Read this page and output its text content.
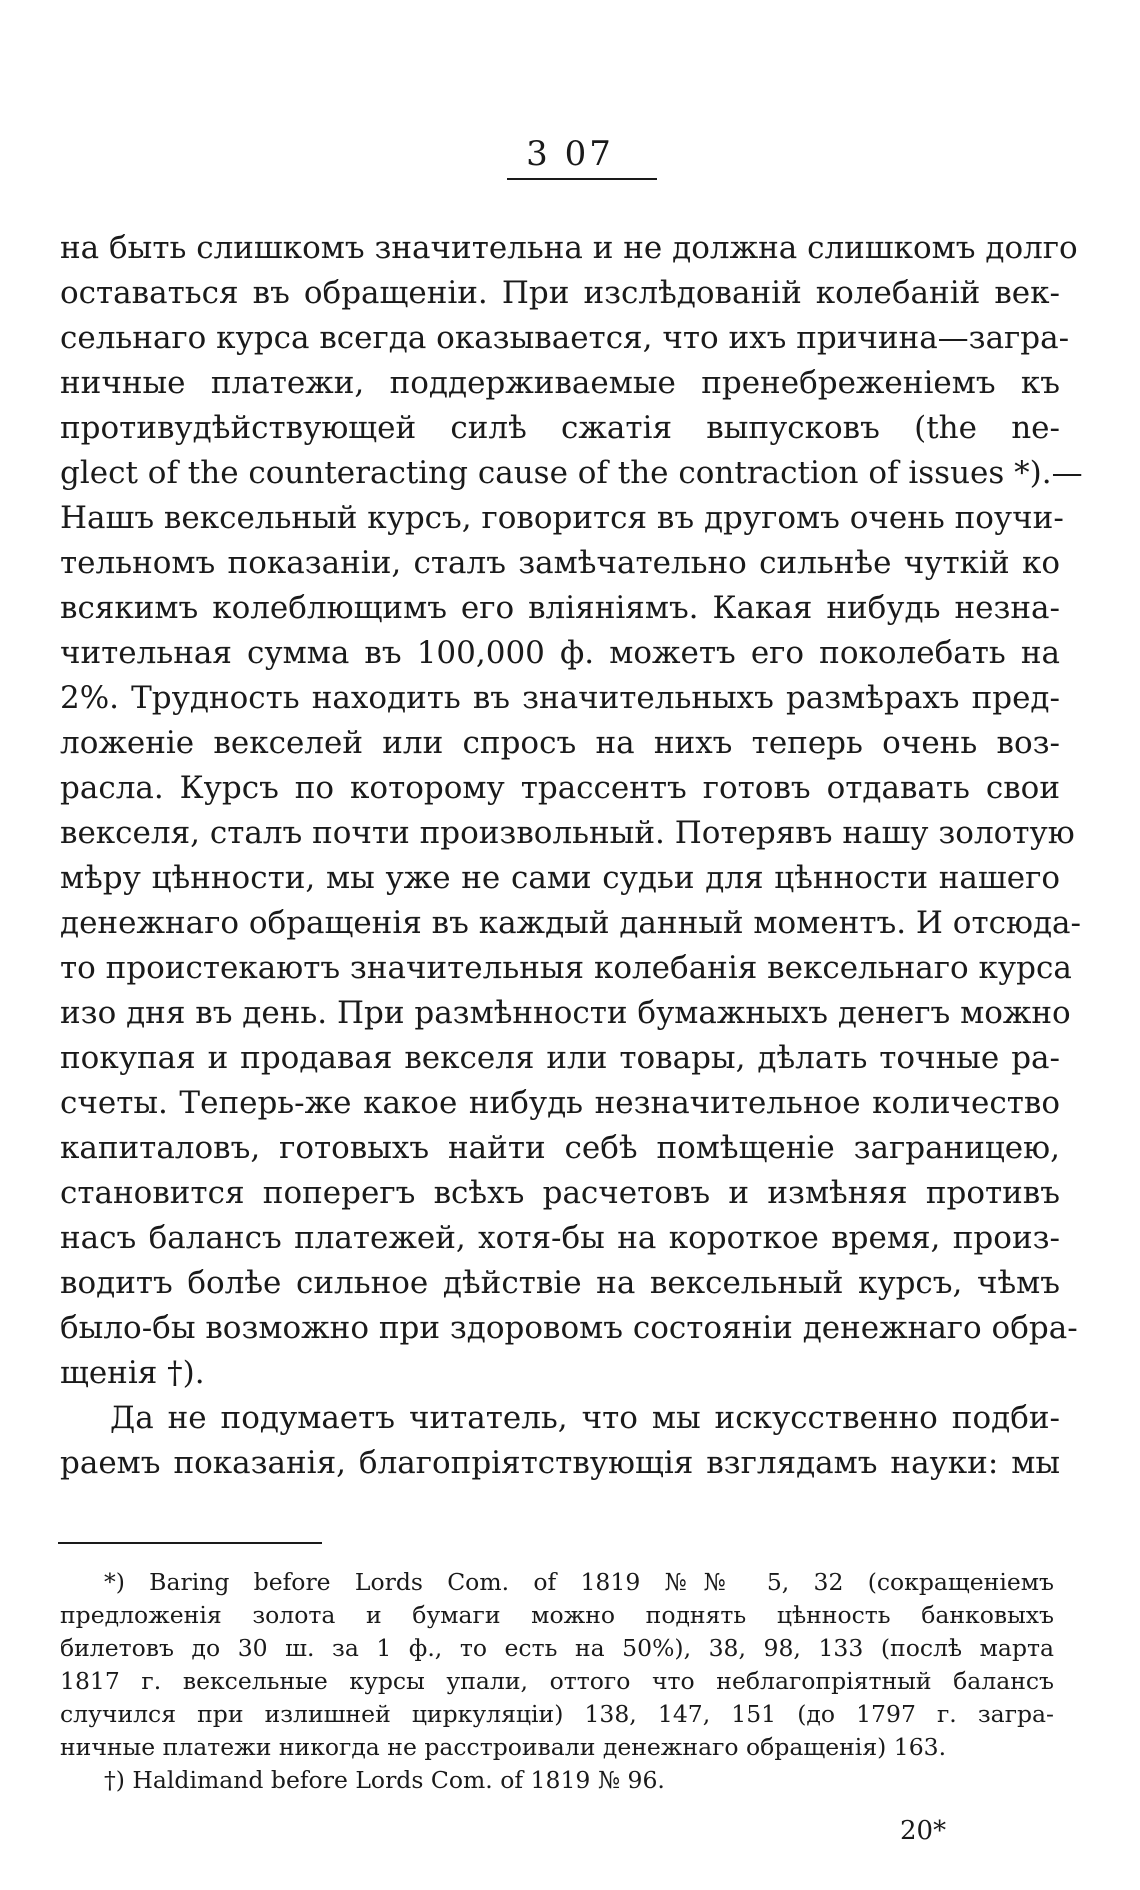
3 07
на быть слишкомъ значительна и не должна слишкомъ долго
оставаться въ обращеніи. При изслѣдованій колебаній век-
сельнаго курса всегда оказывается, что ихъ причина—загра-
ничные платежи, поддерживаемые пренебреженіемъ къ
противудѣйствующей силѣ сжатія выпусковъ (the ne-
glect of the counteracting cause of the contraction of issues *).—
Нашъ вексельный курсъ, говорится въ другомъ очень поучи-
тельномъ показаніи, сталъ замѣчательно сильнѣе чуткій ко
всякимъ колеблющимъ его вліяніямъ. Какая нибудь незна-
чительная сумма въ 100,000 ф. можетъ его поколебать на
2%. Трудность находить въ значительныхъ размѣрахъ пред-
ложеніе векселей или спросъ на нихъ теперь очень воз-
расла. Курсъ по которому трассентъ готовъ отдавать свои
векселя, сталъ почти произвольный. Потерявъ нашу золотую
мѣру цѣнности, мы уже не сами судьи для цѣнности нашего
денежнаго обращенія въ каждый данный моментъ. И отсюда-
то проистекаютъ значительныя колебанія вексельнаго курса
изо дня въ день. При размѣнности бумажныхъ денегъ можно
покупая и продавая векселя или товары, дѣлать точные ра-
счеты. Теперь-же какое нибудь незначительное количество
капиталовъ, готовыхъ найти себѣ помѣщеніе заграницею,
становится поперегъ всѣхъ расчетовъ и измѣняя противъ
насъ балансъ платежей, хотя-бы на короткое время, произ-
водитъ болѣе сильное дѣйствіе на вексельный курсъ, чѣмъ
было-бы возможно при здоровомъ состояніи денежнаго обра-
щенія †).
Да не подумаетъ читатель, что мы искусственно подби-
раемъ показанія, благопріятствующія взглядамъ науки: мы
*) Baring before Lords Com. of 1819 №№ 5, 32 (сокращеніемъ
предложенія золота и бумаги можно поднять цѣнность банковыхъ
билетовъ до 30 ш. за 1 ф., то есть на 50%), 38, 98, 133 (послѣ марта
1817 г. вексельные курсы упали, оттого что неблагопріятный балансъ
случился при излишней циркуляціи) 138, 147, 151 (до 1797 г. загра-
ничные платежи никогда не расстроивали денежнаго обращенія) 163.
†) Haldimand before Lords Com. of 1819 № 96.
20*
